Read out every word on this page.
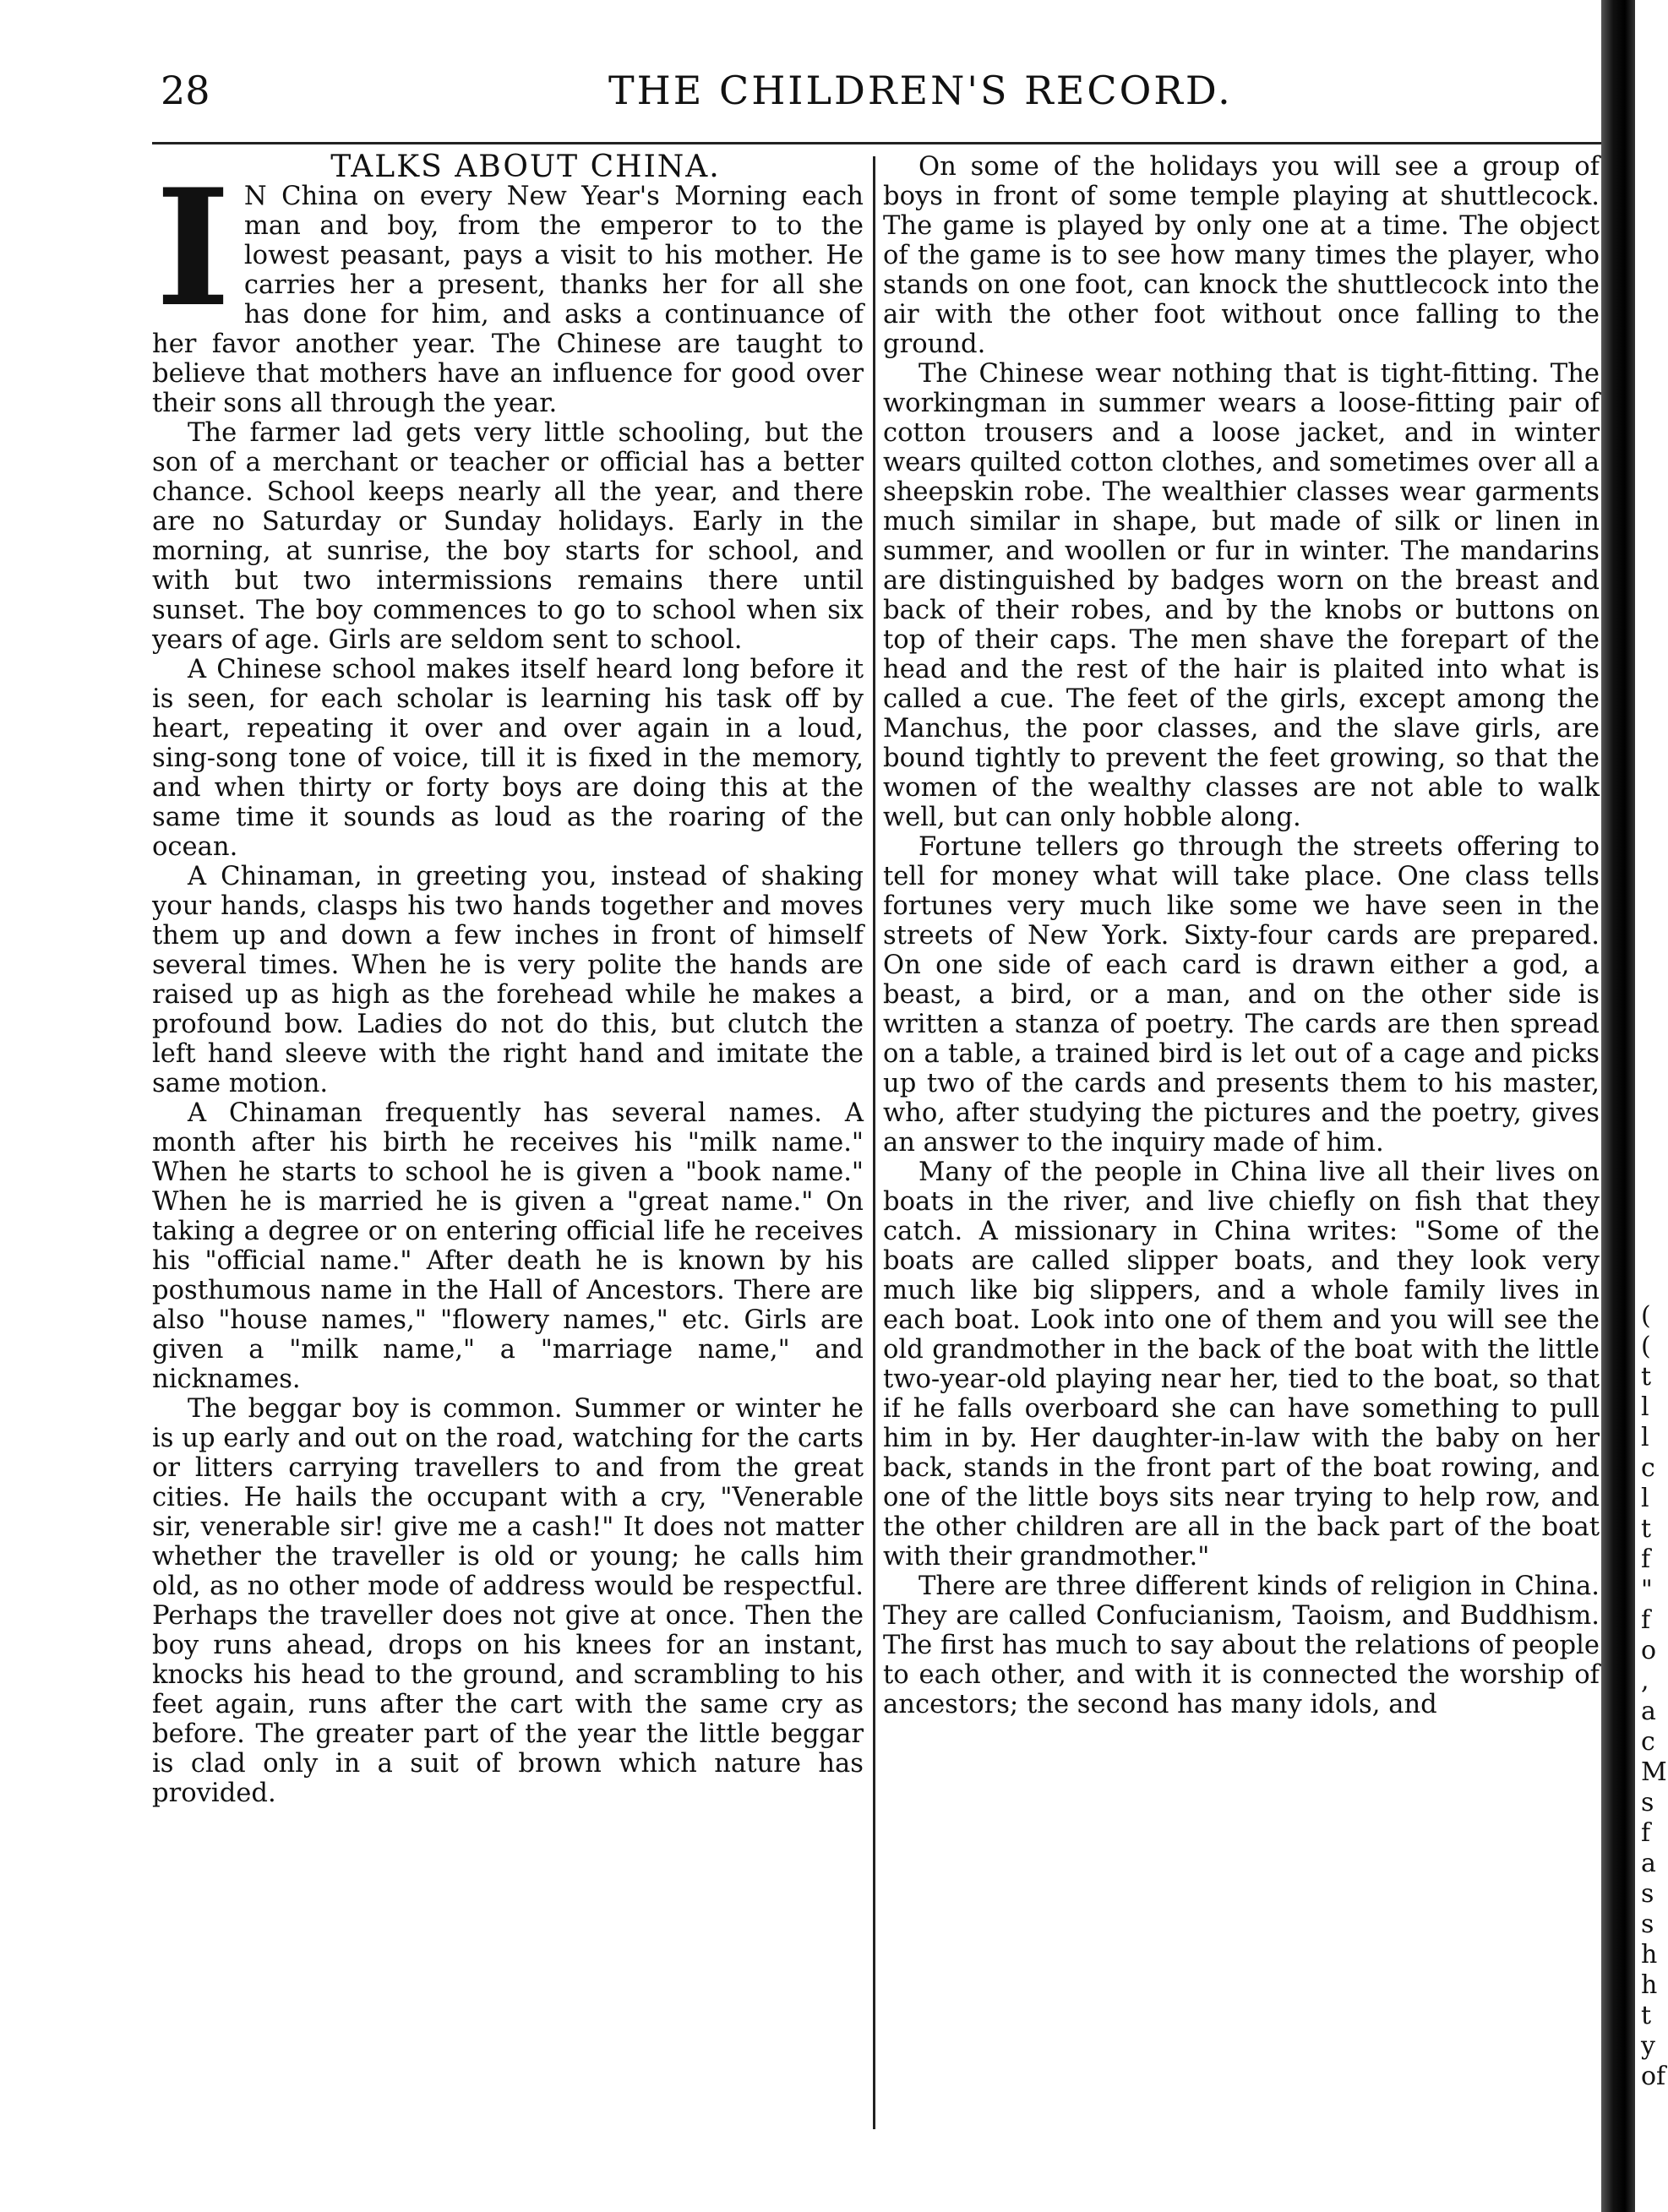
28	THE CHILDREN'S RECORD.

TALKS ABOUT CHINA.

I N China on every New Year's Morning each man and boy, from the emperor to to the lowest peasant, pays a visit to his mother. He carries her a present, thanks her for all she has done for him, and asks a continuance of her favor another year. The Chinese are taught to believe that mothers have an influence for good over their sons all through the year.

The farmer lad gets very little schooling, but the son of a merchant or teacher or official has a better chance. School keeps nearly all the year, and there are no Saturday or Sunday holidays. Early in the morning, at sunrise, the boy starts for school, and with but two intermissions remains there until sunset. The boy commences to go to school when six years of age. Girls are seldom sent to school.

A Chinese school makes itself heard long before it is seen, for each scholar is learning his task off by heart, repeating it over and over again in a loud, sing-song tone of voice, till it is fixed in the memory, and when thirty or forty boys are doing this at the same time it sounds as loud as the roaring of the ocean.

A Chinaman, in greeting you, instead of shaking your hands, clasps his two hands together and moves them up and down a few inches in front of himself several times. When he is very polite the hands are raised up as high as the forehead while he makes a profound bow. Ladies do not do this, but clutch the left hand sleeve with the right hand and imitate the same motion.

A Chinaman frequently has several names. A month after his birth he receives his "milk name." When he starts to school he is given a "book name." When he is married he is given a "great name." On taking a degree or on entering official life he receives his "official name." After death he is known by his posthumous name in the Hall of Ancestors. There are also "house names," "flowery names," etc. Girls are given a "milk name," a "marriage name," and nicknames.

The beggar boy is common. Summer or winter he is up early and out on the road, watching for the carts or litters carrying travellers to and from the great cities. He hails the occupant with a cry, "Venerable sir, venerable sir! give me a cash!" It does not matter whether the traveller is old or young; he calls him old, as no other mode of address would be respectful. Perhaps the traveller does not give at once. Then the boy runs ahead, drops on his knees for an instant, knocks his head to the ground, and scrambling to his feet again, runs after the cart with the same cry as before. The greater part of the year the little beggar is clad only in a suit of brown which nature has provided.

On some of the holidays you will see a group of boys in front of some temple playing at shuttlecock. The game is played by only one at a time. The object of the game is to see how many times the player, who stands on one foot, can knock the shuttlecock into the air with the other foot without once falling to the ground.

The Chinese wear nothing that is tight-fitting. The workingman in summer wears a loose-fitting pair of cotton trousers and a loose jacket, and in winter wears quilted cotton clothes, and sometimes over all a sheepskin robe. The wealthier classes wear garments much similar in shape, but made of silk or linen in summer, and woollen or fur in winter. The mandarins are distinguished by badges worn on the breast and back of their robes, and by the knobs or buttons on top of their caps. The men shave the forepart of the head and the rest of the hair is plaited into what is called a cue. The feet of the girls, except among the Manchus, the poor classes, and the slave girls, are bound tightly to prevent the feet growing, so that the women of the wealthy classes are not able to walk well, but can only hobble along.

Fortune tellers go through the streets offering to tell for money what will take place. One class tells fortunes very much like some we have seen in the streets of New York. Sixty-four cards are prepared. On one side of each card is drawn either a god, a beast, a bird, or a man, and on the other side is written a stanza of poetry. The cards are then spread on a table, a trained bird is let out of a cage and picks up two of the cards and presents them to his master, who, after studying the pictures and the poetry, gives an answer to the inquiry made of him.

Many of the people in China live all their lives on boats in the river, and live chiefly on fish that they catch. A missionary in China writes: "Some of the boats are called slipper boats, and they look very much like big slippers, and a whole family lives in each boat. Look into one of them and you will see the old grandmother in the back of the boat with the little two-year-old playing near her, tied to the boat, so that if he falls overboard she can have something to pull him in by. Her daughter-in-law with the baby on her back, stands in the front part of the boat rowing, and one of the little boys sits near trying to help row, and the other children are all in the back part of the boat with their grandmother."

There are three different kinds of religion in China. They are called Confucianism, Taoism, and Buddhism. The first has much to say about the relations of people to each other, and with it is connected the worship of ancestors; the second has many idols, and

(
(
t
l
l
c
l
t
f
"
f
o
,
a
c
M
s
f
a
s
s
h
h
t
y
of
